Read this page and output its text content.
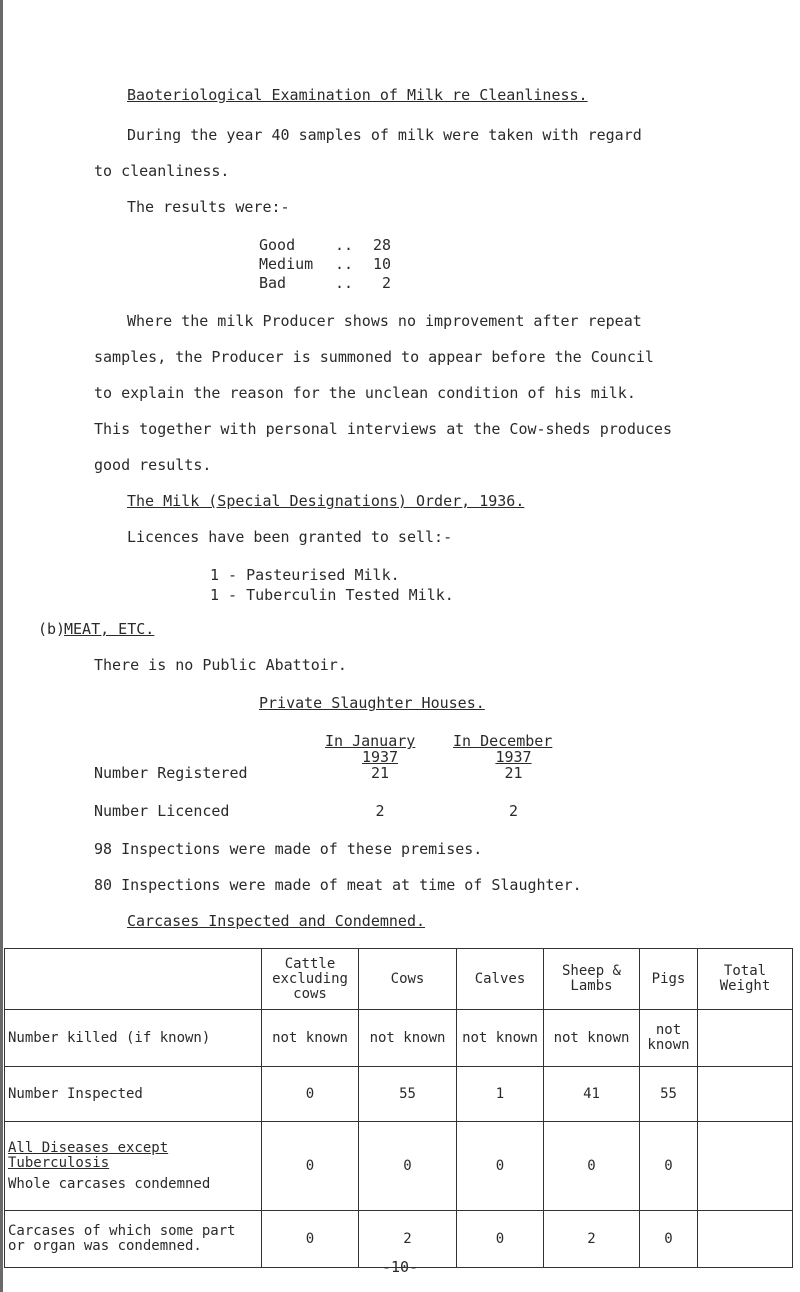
Baoteriological Examination of Milk re Cleanliness.
During the year 40 samples of milk were taken with regard
to cleanliness.
The results were:-
Good	.. 28
Medium .. 10
Bad	.. 2
Where the milk Producer shows no improvement after repeat
samples, the Producer is summoned to appear before the Council
to explain the reason for the unclean condition of his milk.
This together with personal interviews at the Cow-sheds produces
good results.
The Milk (Special Designations) Order, 1936.
Licences have been granted to sell:-
1 - Pasteurised Milk.
1 - Tuberculin Tested Milk.
(b)
MEAT, ETC.
There is no Public Abattoir.
Private Slaughter Houses.
In January
1937
In December
1937
Number Registered	21	21
Number Licenced	2	2
98 Inspections were made of these premises.
80 Inspections were made of meat at time of Slaughter.
Carcases Inspected and Condemned.
	Cattle excluding cows	Cows	Calves	Sheep & Lambs	Pigs	Total Weight
Number killed (if known)	not known	not known	not known	not known	not known	
Number Inspected	0	55	1	41	55	

All Diseases except Tuberculosis
Whole carcases condemned	0	0	0	0	0	
Carcases of which some part or organ was condemned.	0	2	0	2	0	
-10-
